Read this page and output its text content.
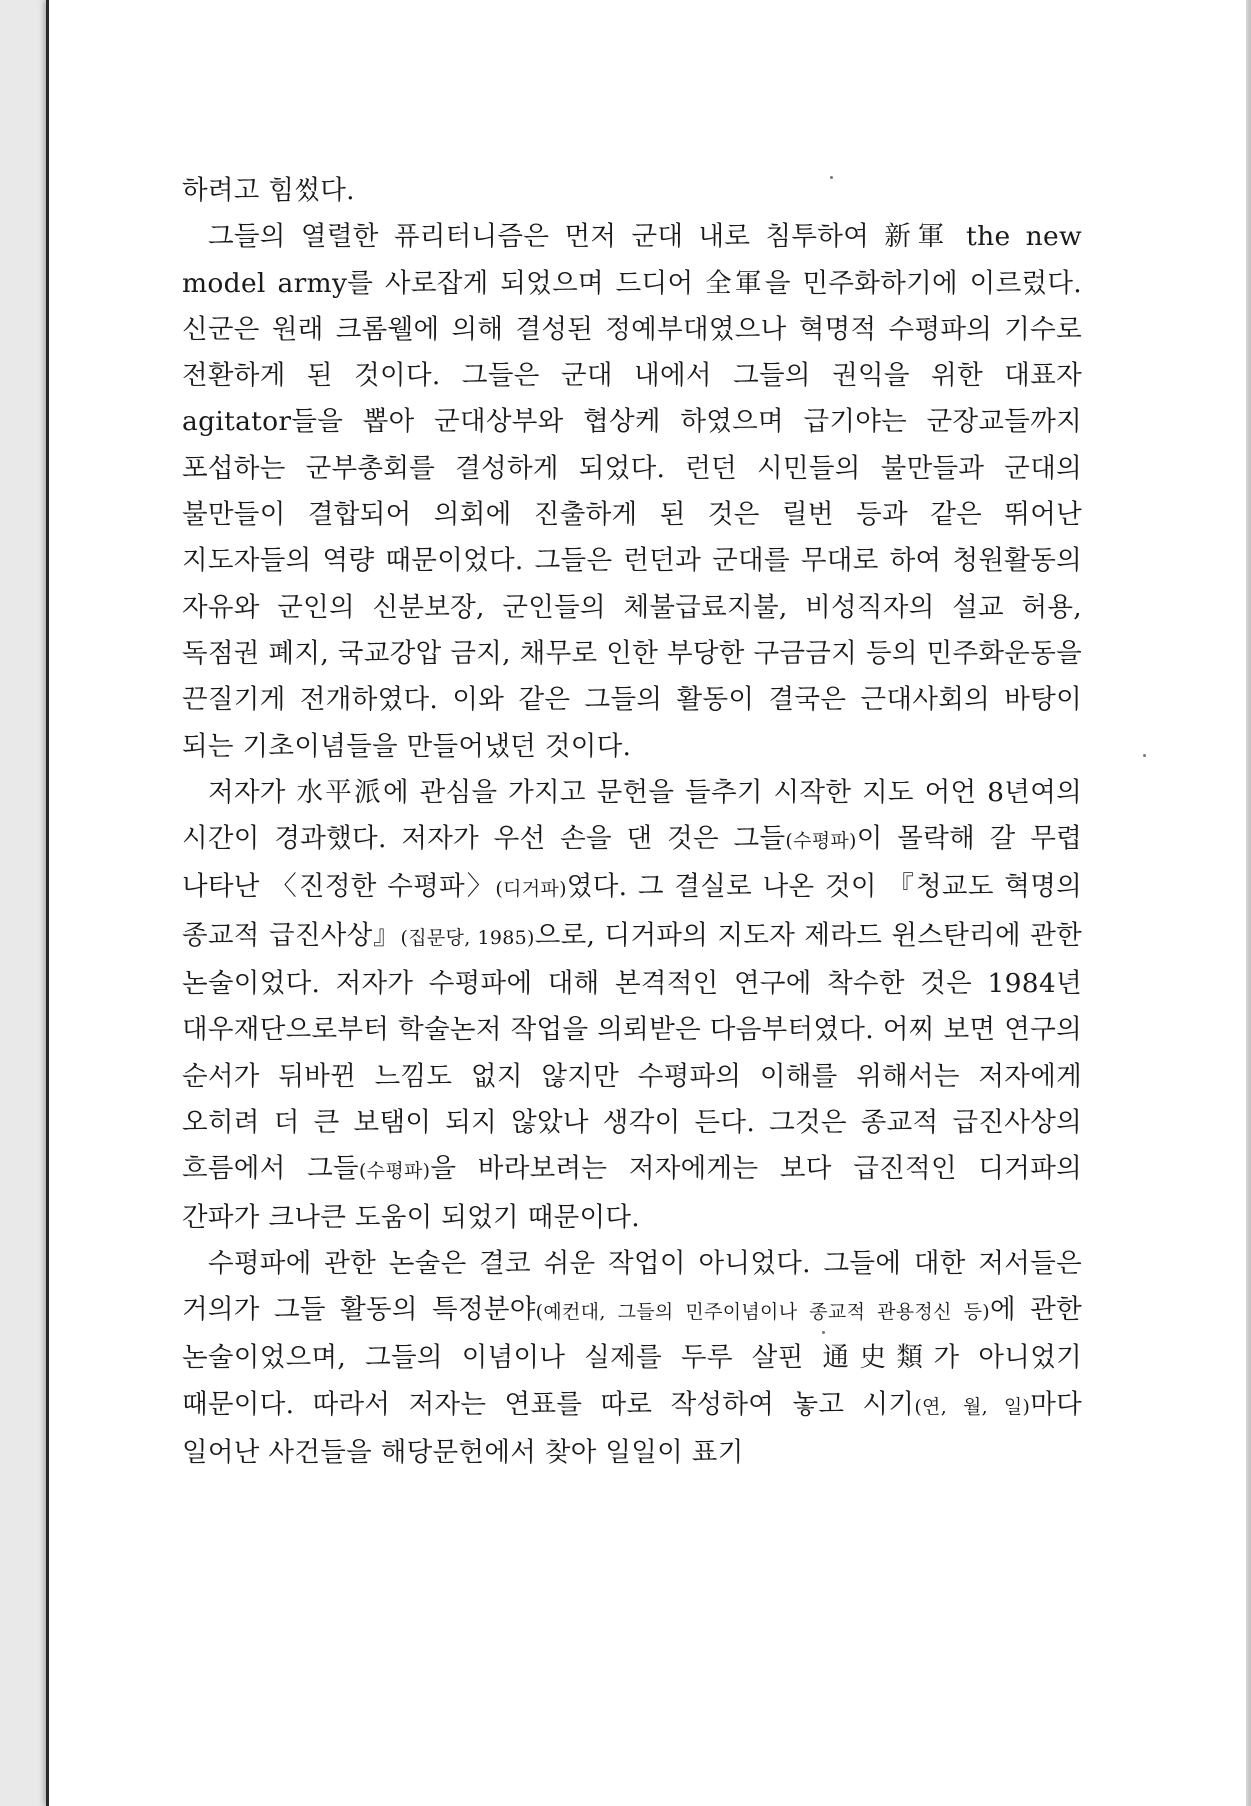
하려고 힘썼다.

그들의 열렬한 퓨리터니즘은 먼저 군대 내로 침투하여 新軍 the new model army를 사로잡게 되었으며 드디어 全軍을 민주화하기에 이르렀다. 신군은 원래 크롬웰에 의해 결성된 정예부대였으나 혁명적 수평파의 기수로 전환하게 된 것이다. 그들은 군대 내에서 그들의 권익을 위한 대표자 agitator들을 뽑아 군대상부와 협상케 하였으며 급기야는 군장교들까지 포섭하는 군부총회를 결성하게 되었다. 런던 시민들의 불만들과 군대의 불만들이 결합되어 의회에 진출하게 된 것은 릴번 등과 같은 뛰어난 지도자들의 역량 때문이었다. 그들은 런던과 군대를 무대로 하여 청원활동의 자유와 군인의 신분보장, 군인들의 체불급료지불, 비성직자의 설교 허용, 독점권 폐지, 국교강압 금지, 채무로 인한 부당한 구금금지 등의 민주화운동을 끈질기게 전개하였다. 이와 같은 그들의 활동이 결국은 근대사회의 바탕이 되는 기초이념들을 만들어냈던 것이다.

저자가 水平派에 관심을 가지고 문헌을 들추기 시작한 지도 어언 8년여의 시간이 경과했다. 저자가 우선 손을 댄 것은 그들(수평파)이 몰락해 갈 무렵 나타난 〈진정한 수평파〉(디거파)였다. 그 결실로 나온 것이 『청교도 혁명의 종교적 급진사상』(집문당, 1985)으로, 디거파의 지도자 제라드 윈스탄리에 관한 논술이었다. 저자가 수평파에 대해 본격적인 연구에 착수한 것은 1984년 대우재단으로부터 학술논저 작업을 의뢰받은 다음부터였다. 어찌 보면 연구의 순서가 뒤바뀐 느낌도 없지 않지만 수평파의 이해를 위해서는 저자에게 오히려 더 큰 보탬이 되지 않았나 생각이 든다. 그것은 종교적 급진사상의 흐름에서 그들(수평파)을 바라보려는 저자에게는 보다 급진적인 디거파의 간파가 크나큰 도움이 되었기 때문이다.

수평파에 관한 논술은 결코 쉬운 작업이 아니었다. 그들에 대한 저서들은 거의가 그들 활동의 특정분야(예컨대, 그들의 민주이념이나 종교적 관용정신 등)에 관한 논술이었으며, 그들의 이념이나 실제를 두루 살핀 通史類가 아니었기 때문이다. 따라서 저자는 연표를 따로 작성하여 놓고 시기(연, 월, 일)마다 일어난 사건들을 해당문헌에서 찾아 일일이 표기
